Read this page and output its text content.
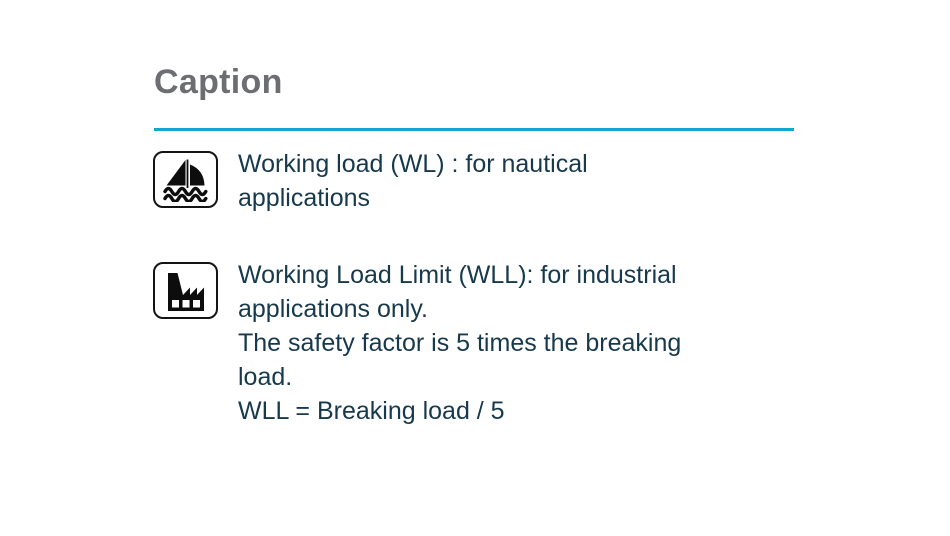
Caption
Working load (WL) : for nautical
applications
Working Load Limit (WLL): for industrial
applications only.
The safety factor is 5 times the breaking
load.
WLL = Breaking load / 5
